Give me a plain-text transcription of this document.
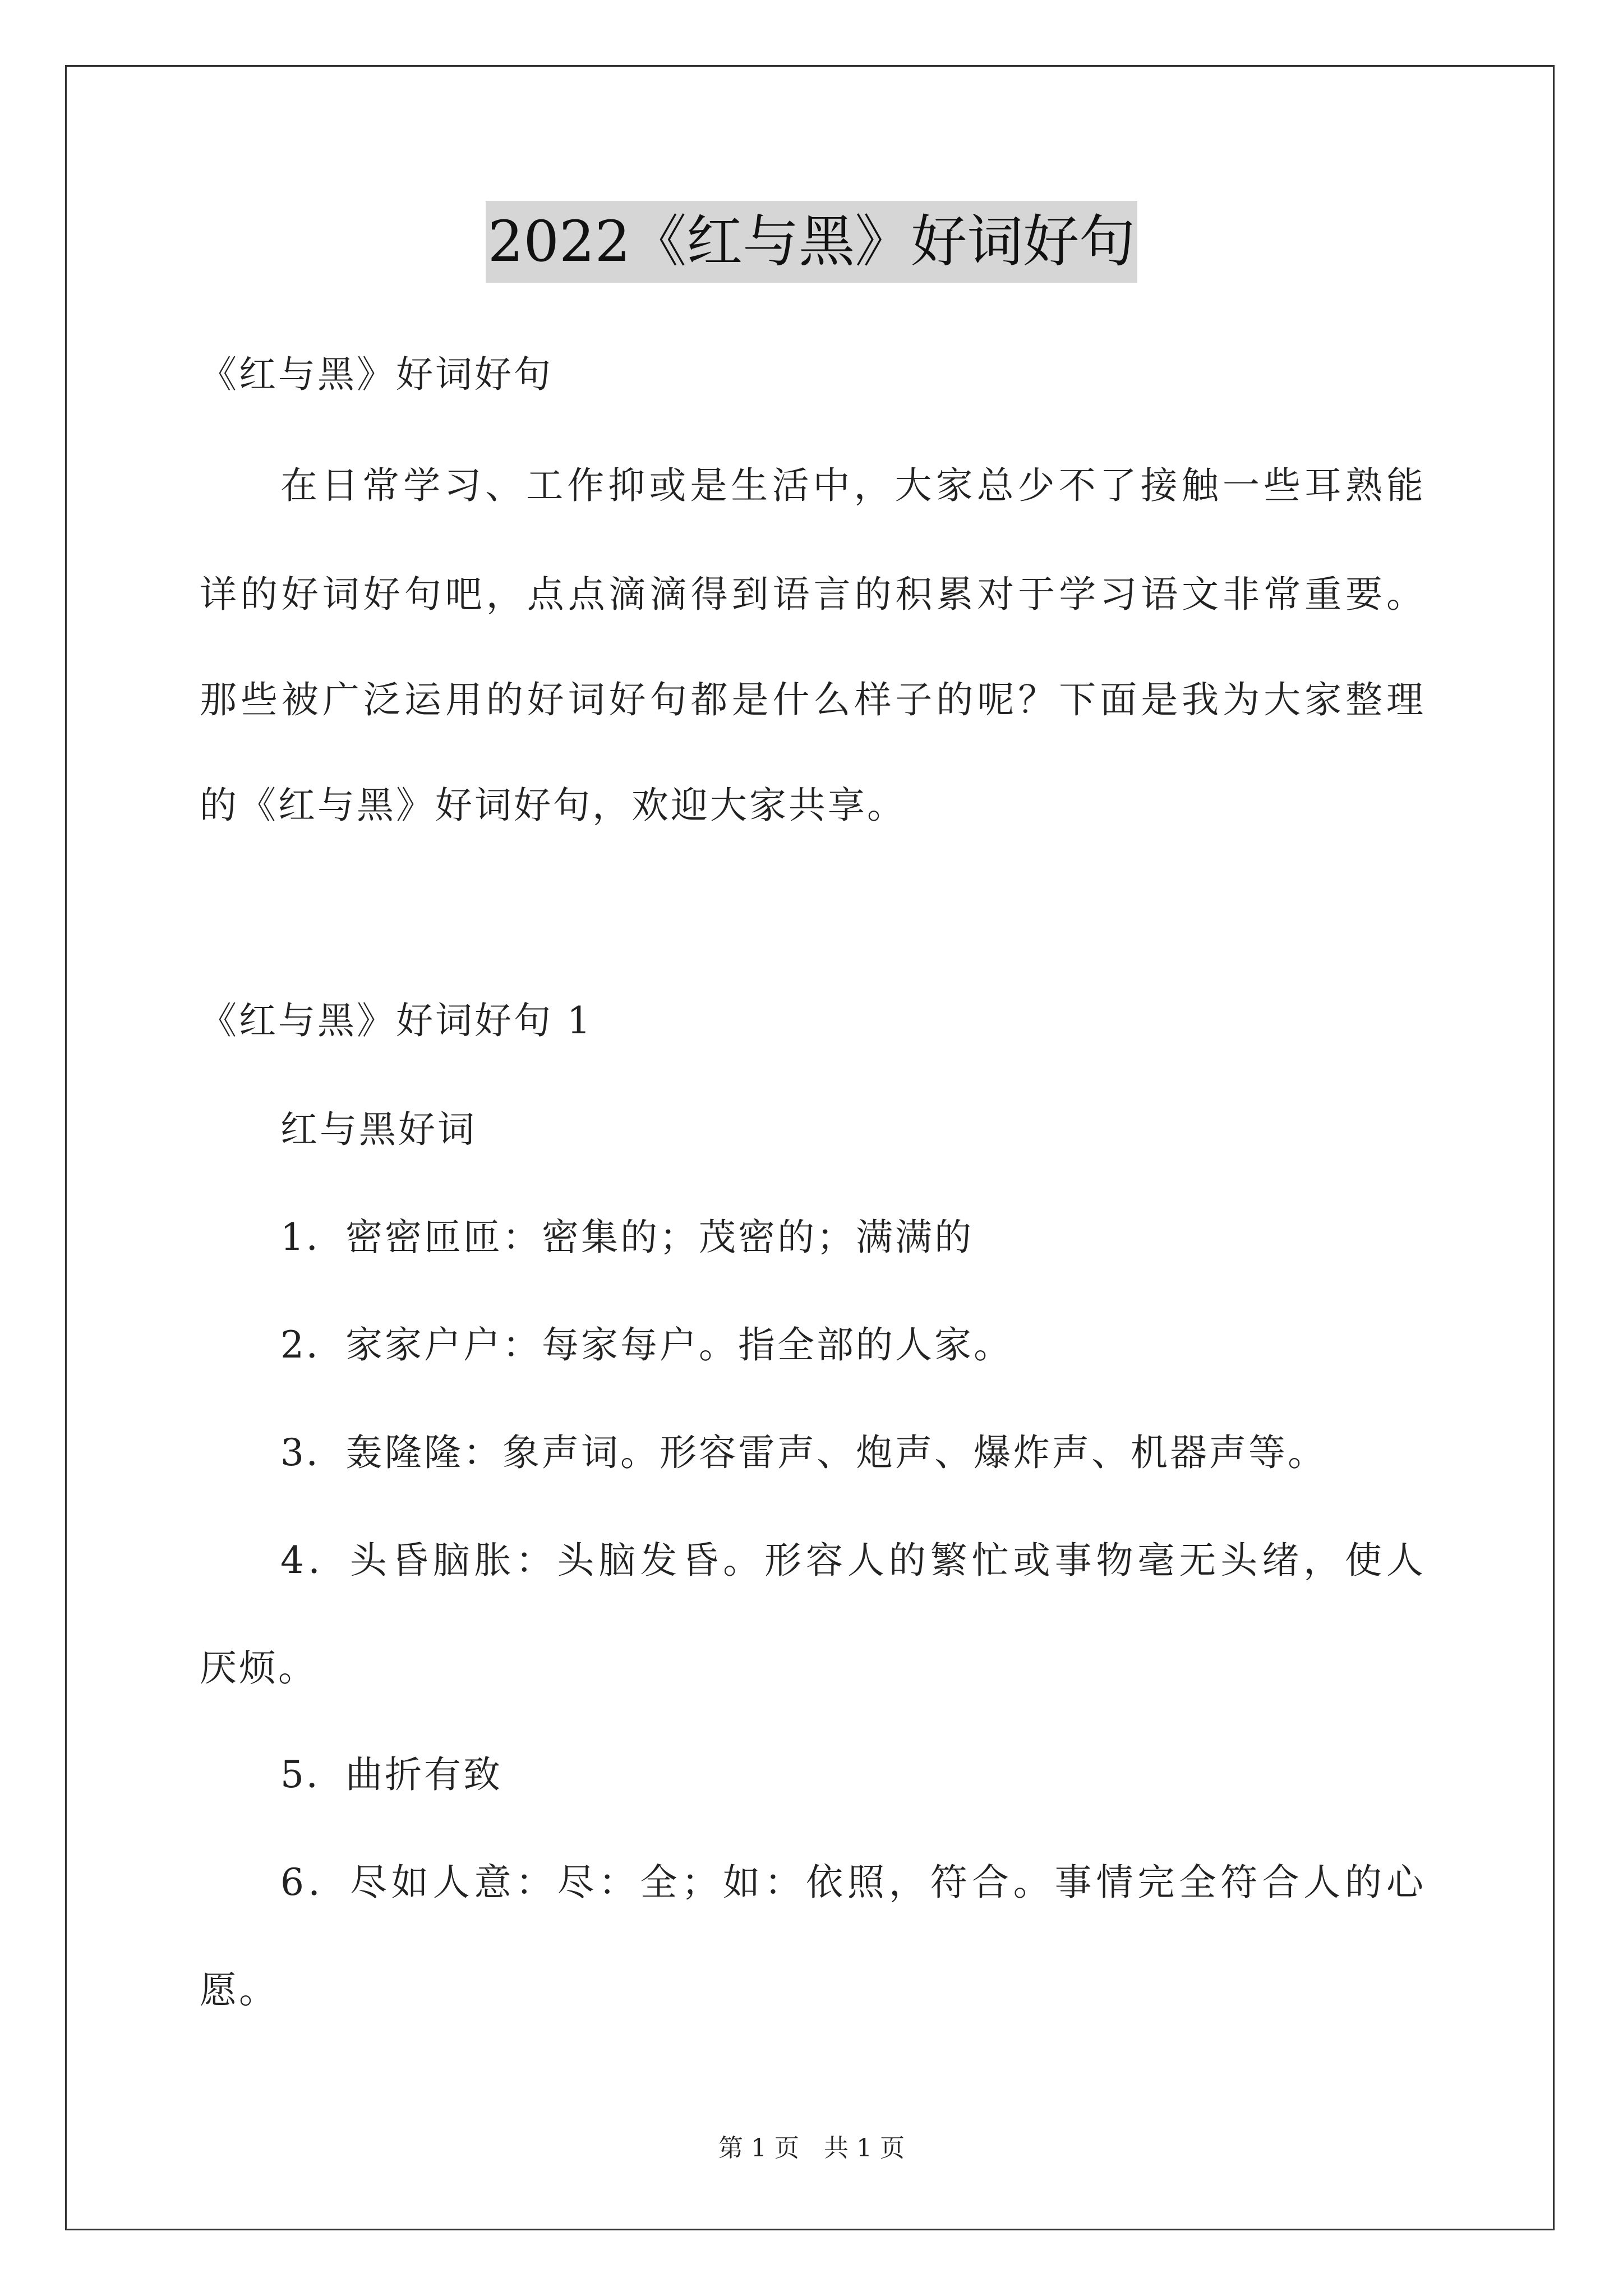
2022《红与黑》好词好句
《红与黑》好词好句
在日常学习、工作抑或是生活中，大家总少不了接触一些耳熟能
详的好词好句吧，点点滴滴得到语言的积累对于学习语文非常重要。
那些被广泛运用的好词好句都是什么样子的呢？下面是我为大家整理
的《红与黑》好词好句，欢迎大家共享。
《红与黑》好词好句 1
红与黑好词
1．密密匝匝：密集的；茂密的；满满的
2．家家户户：每家每户。指全部的人家。
3．轰隆隆：象声词。形容雷声、炮声、爆炸声、机器声等。
4．头昏脑胀：头脑发昏。形容人的繁忙或事物毫无头绪，使人
厌烦。
5．曲折有致
6．尽如人意：尽：全；如：依照，符合。事情完全符合人的心
愿。
第 1 页　共 1 页
